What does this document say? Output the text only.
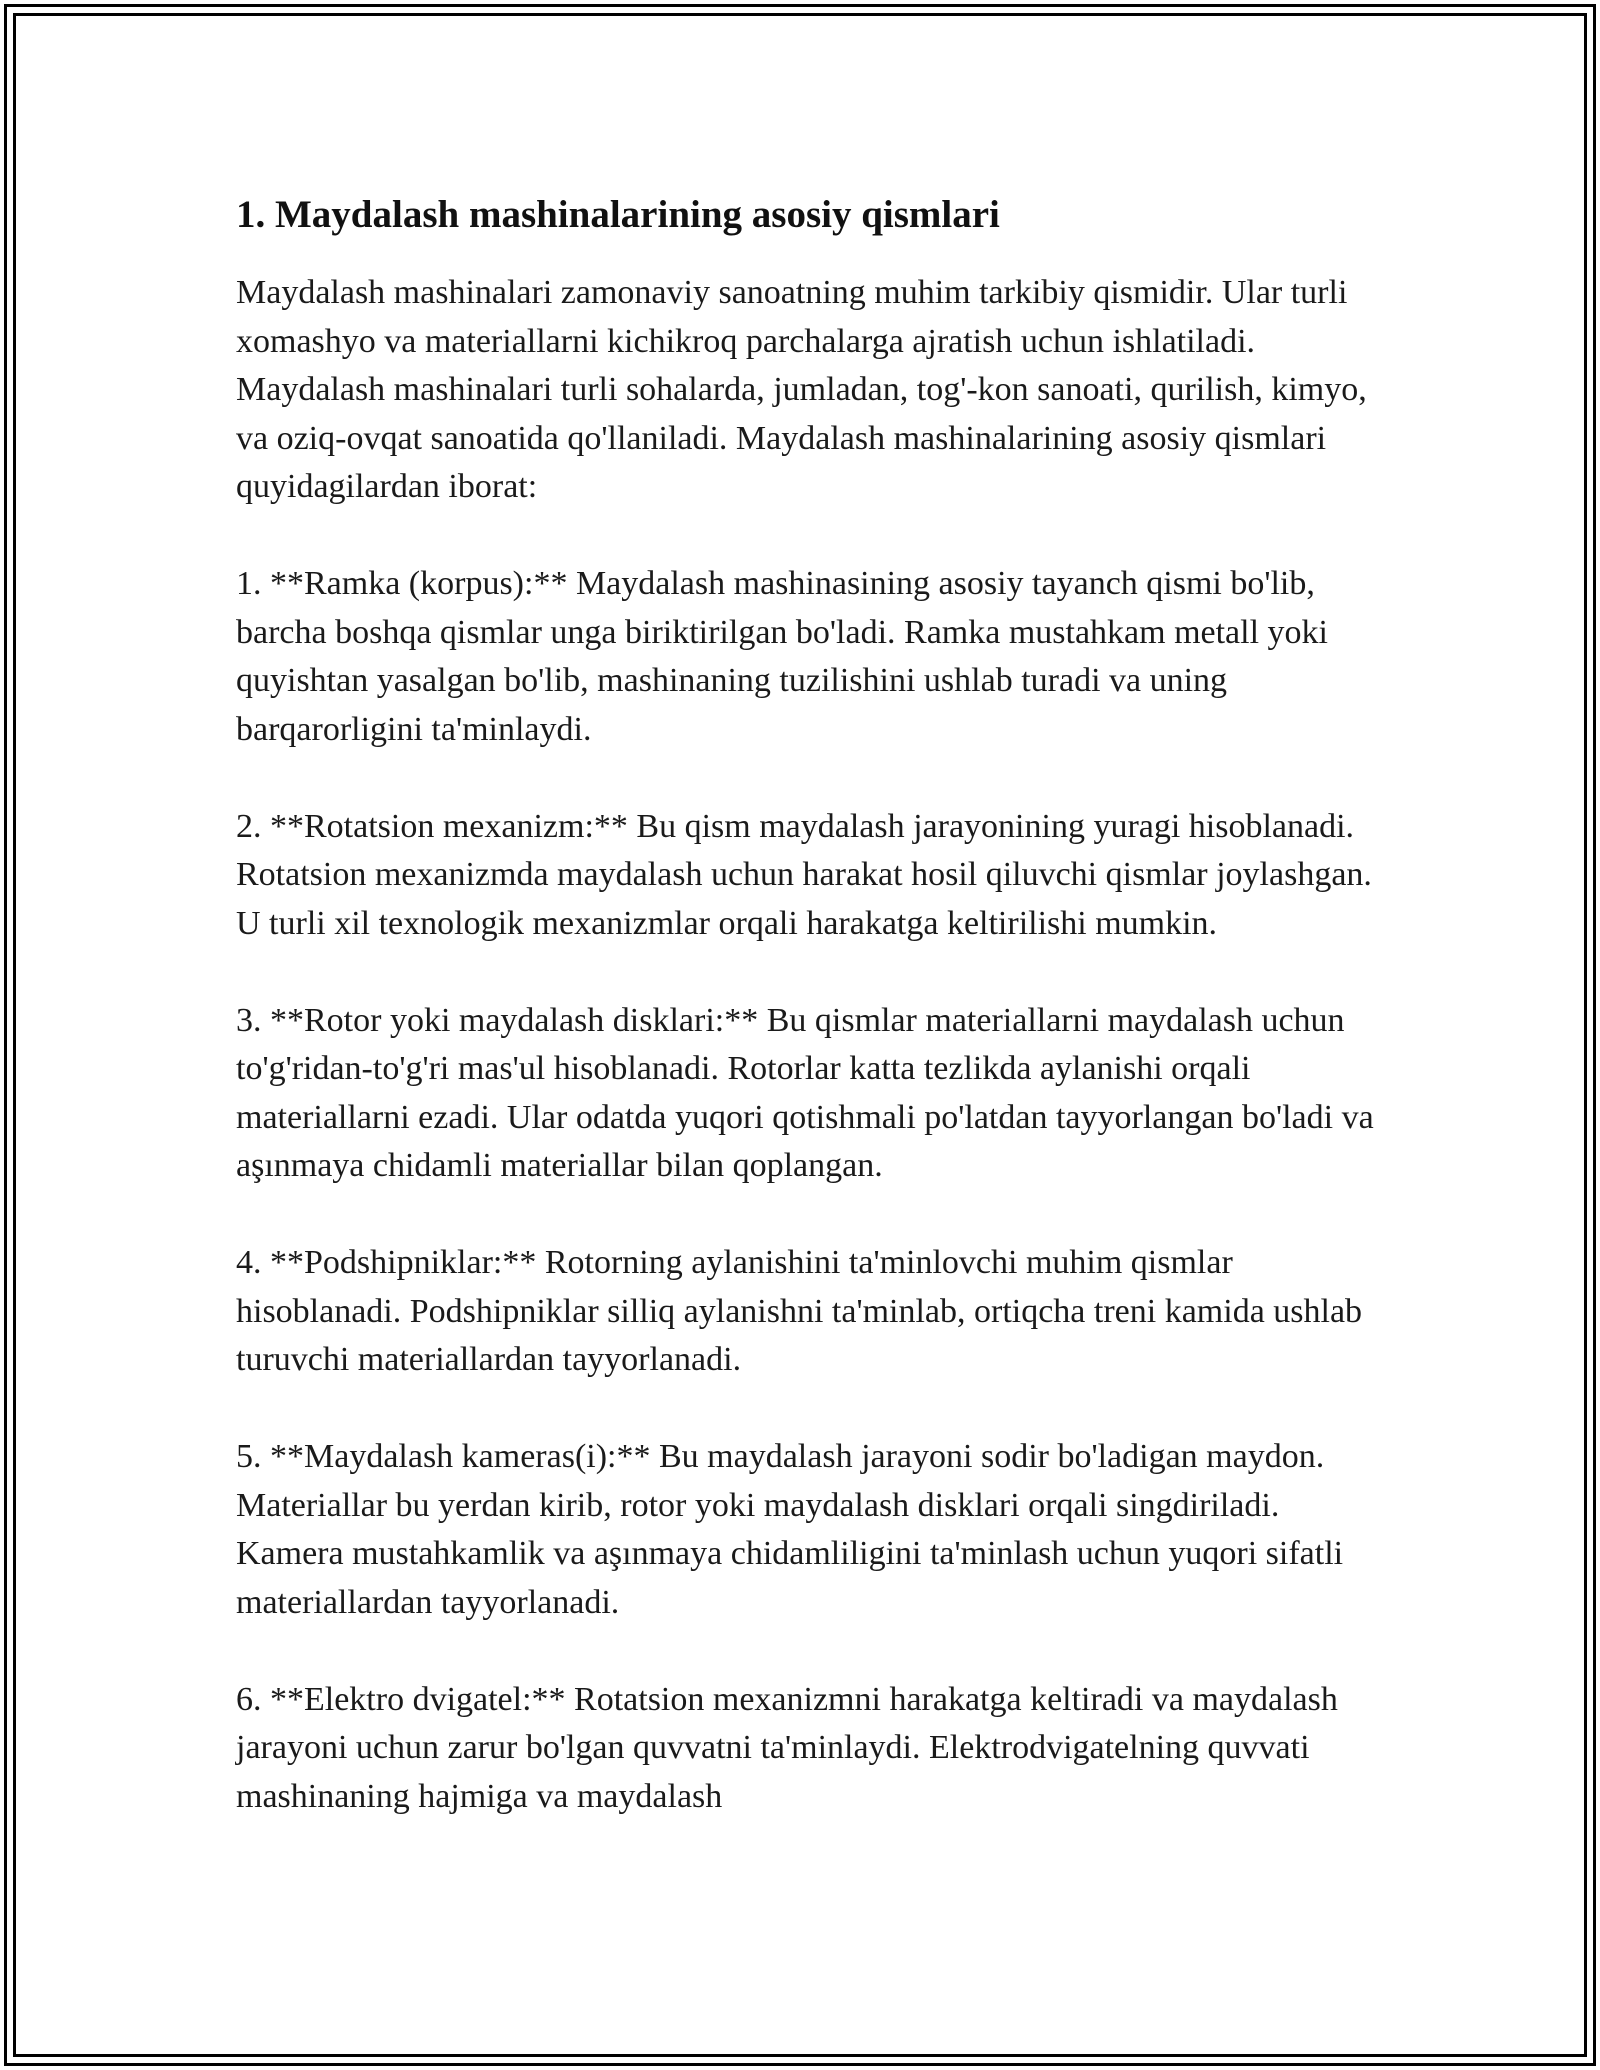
1. Maydalash mashinalarining asosiy qismlari

Maydalash mashinalari zamonaviy sanoatning muhim tarkibiy qismidir. Ular turli xomashyo va materiallarni kichikroq parchalarga ajratish uchun ishlatiladi. Maydalash mashinalari turli sohalarda, jumladan, tog'-kon sanoati, qurilish, kimyo, va oziq-ovqat sanoatida qo'llaniladi. Maydalash mashinalarining asosiy qismlari quyidagilardan iborat:

1. **Ramka (korpus):** Maydalash mashinasining asosiy tayanch qismi bo'lib, barcha boshqa qismlar unga biriktirilgan bo'ladi. Ramka mustahkam metall yoki quyishtan yasalgan bo'lib, mashinaning tuzilishini ushlab turadi va uning barqarorligini ta'minlaydi.

2. **Rotatsion mexanizm:** Bu qism maydalash jarayonining yuragi hisoblanadi. Rotatsion mexanizmda maydalash uchun harakat hosil qiluvchi qismlar joylashgan. U turli xil texnologik mexanizmlar orqali harakatga keltirilishi mumkin.

3. **Rotor yoki maydalash disklari:** Bu qismlar materiallarni maydalash uchun to'g'ridan-to'g'ri mas'ul hisoblanadi. Rotorlar katta tezlikda aylanishi orqali materiallarni ezadi. Ular odatda yuqori qotishmali po'latdan tayyorlangan bo'ladi va aşınmaya chidamli materiallar bilan qoplangan.

4. **Podshipniklar:** Rotorning aylanishini ta'minlovchi muhim qismlar hisoblanadi. Podshipniklar silliq aylanishni ta'minlab, ortiqcha treni kamida ushlab turuvchi materiallardan tayyorlanadi.

5. **Maydalash kameras(i):** Bu maydalash jarayoni sodir bo'ladigan maydon. Materiallar bu yerdan kirib, rotor yoki maydalash disklari orqali singdiriladi. Kamera mustahkamlik va aşınmaya chidamliligini ta'minlash uchun yuqori sifatli materiallardan tayyorlanadi.

6. **Elektro dvigatel:** Rotatsion mexanizmni harakatga keltiradi va maydalash jarayoni uchun zarur bo'lgan quvvatni ta'minlaydi. Elektrodvigatelning quvvati mashinaning hajmiga va maydalash
